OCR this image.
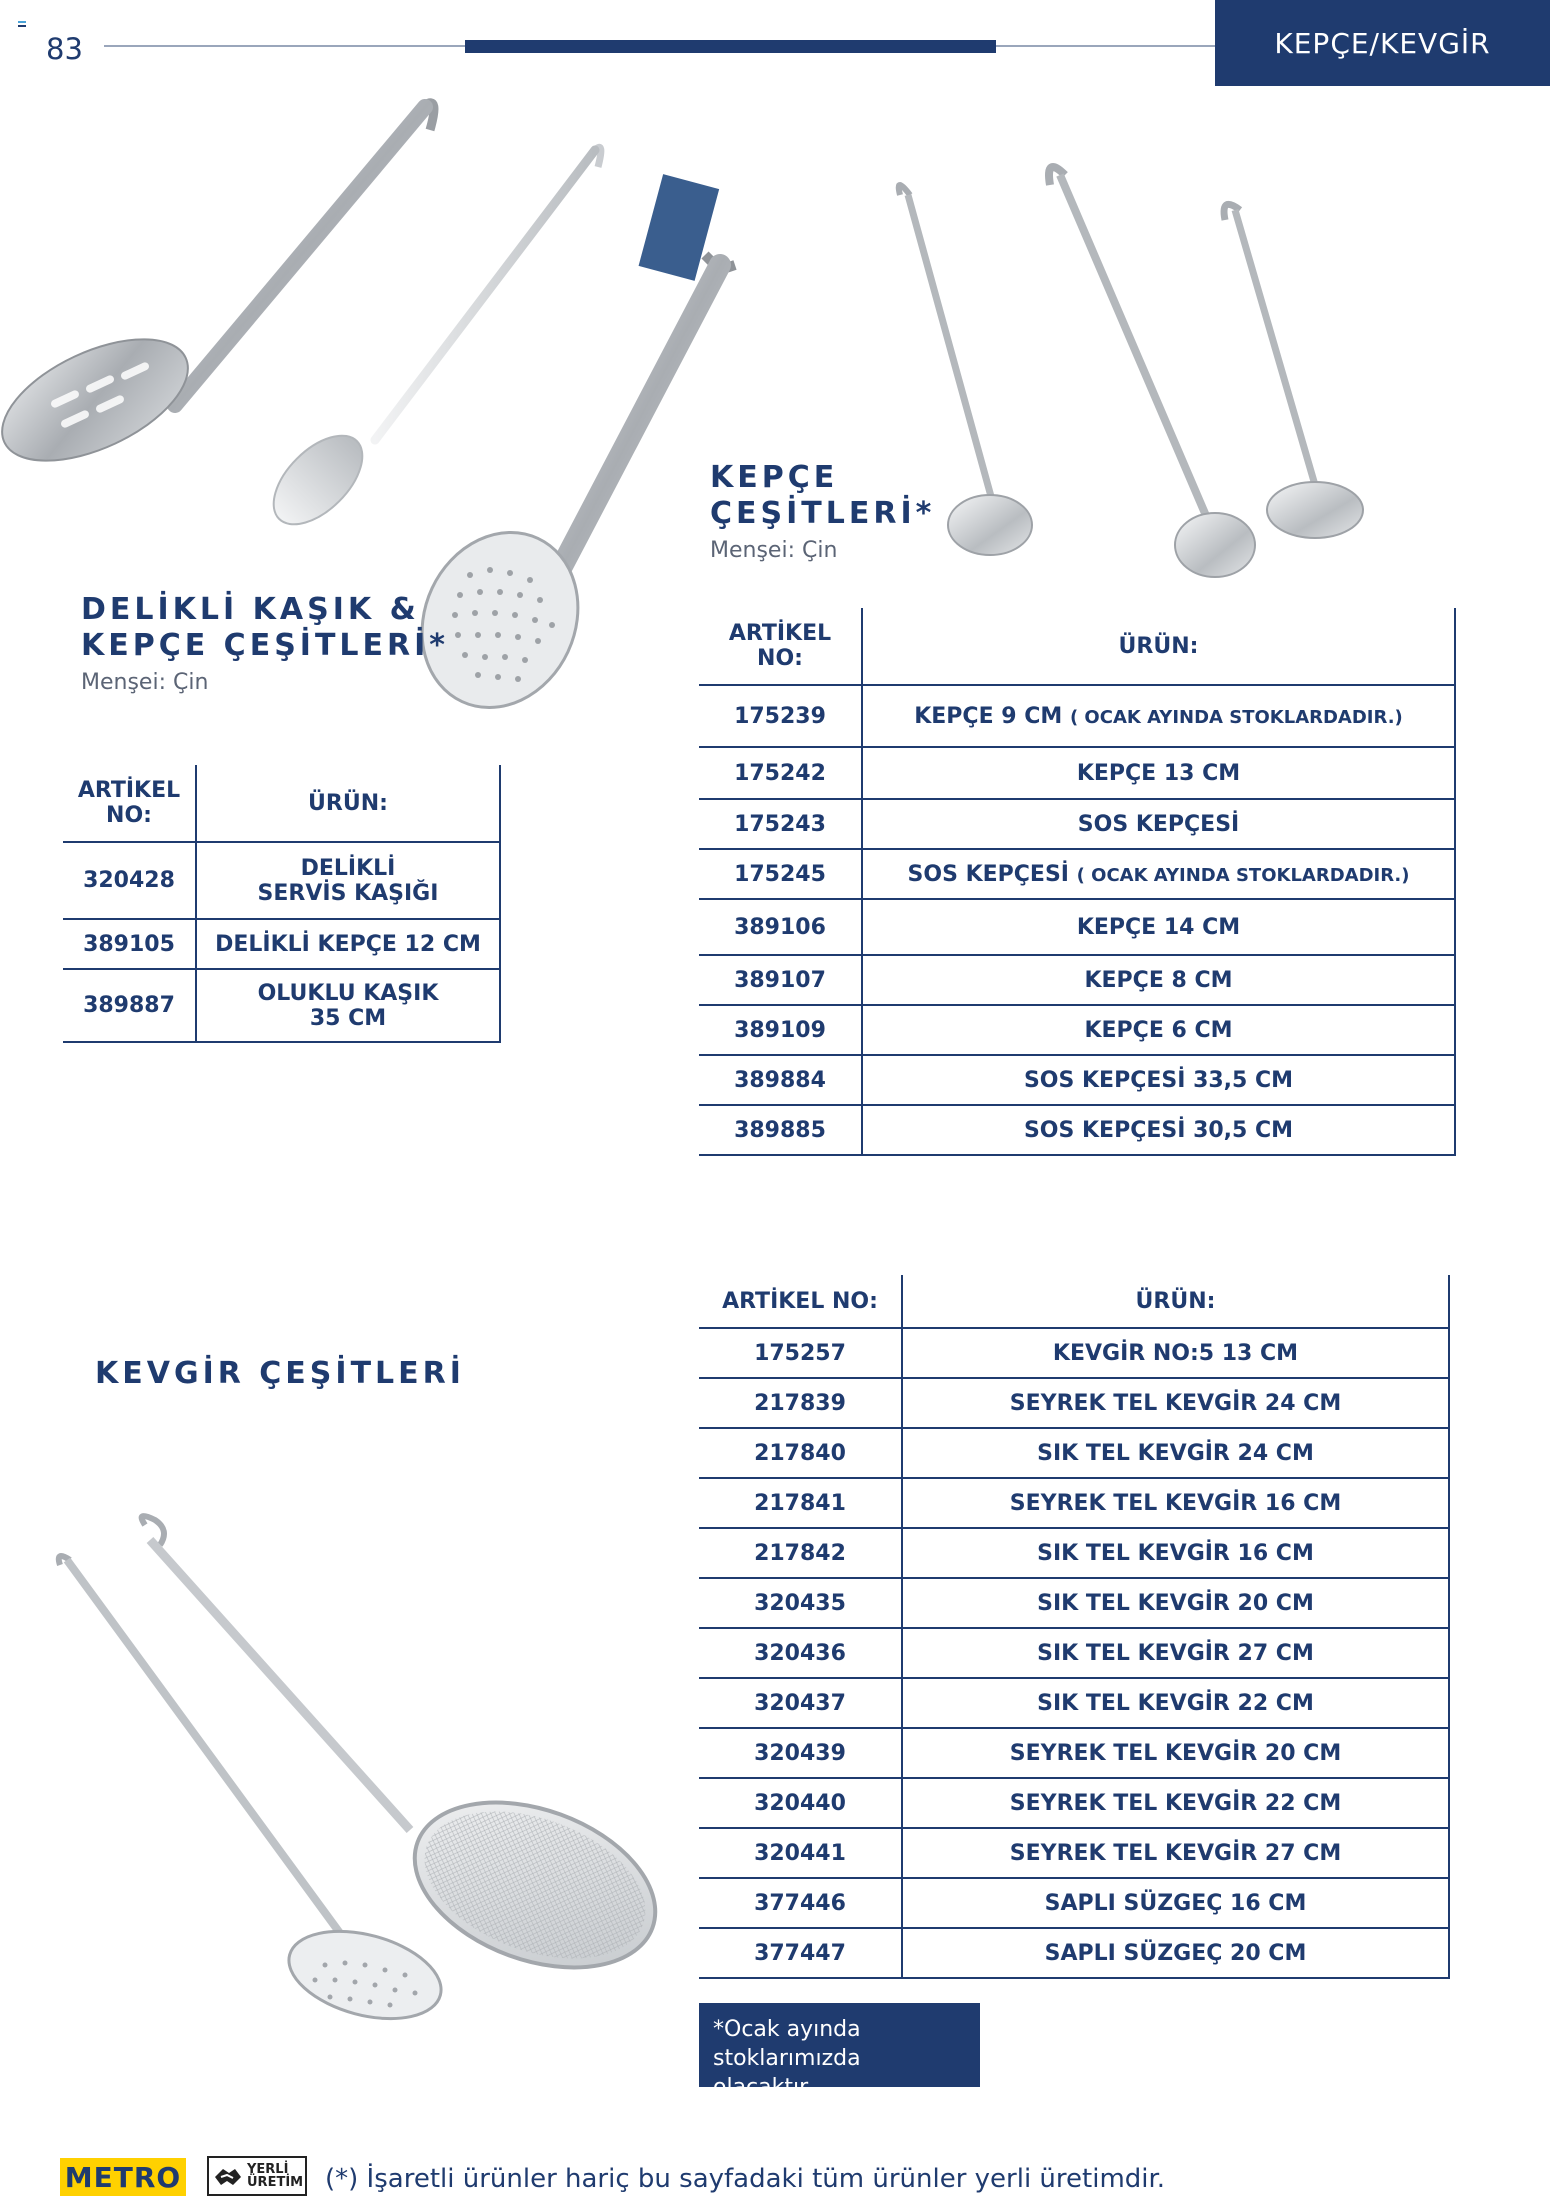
83	KEPÇE/KEVGİR
DELİKLİ KAŞIK &
KEPÇE ÇEŞİTLERİ*
Menşei: Çin
ARTİKEL
NO:	ÜRÜN:
320428	DELİKLİ
SERVİS KAŞIĞI

389105	DELİKLİ KEPÇE 12 CM
389887	OLUKLU KAŞIK
35 CM
KEPÇE
ÇEŞİTLERİ*
Menşei: Çin
ARTİKEL
NO:	ÜRÜN:
175239	KEPÇE 9 CM ( OCAK AYINDA STOKLARDADIR.)
175242	KEPÇE 13 CM
175243	SOS KEPÇESİ
175245	SOS KEPÇESİ ( OCAK AYINDA STOKLARDADIR.)
389106	KEPÇE 14 CM
389107	KEPÇE 8 CM
389109	KEPÇE 6 CM
389884	SOS KEPÇESİ 33,5 CM
389885	SOS KEPÇESİ 30,5 CM
KEVGİR ÇEŞİTLERİ
ARTİKEL NO:	ÜRÜN:
175257	KEVGİR NO:5 13 CM
217839	SEYREK TEL KEVGİR 24 CM
217840	SIK TEL KEVGİR 24 CM
217841	SEYREK TEL KEVGİR 16 CM
217842	SIK TEL KEVGİR 16 CM
320435	SIK TEL KEVGİR 20 CM
320436	SIK TEL KEVGİR 27 CM
320437	SIK TEL KEVGİR 22 CM
320439	SEYREK TEL KEVGİR 20 CM
320440	SEYREK TEL KEVGİR 22 CM
320441	SEYREK TEL KEVGİR 27 CM
377446	SAPLI SÜZGEÇ 16 CM
377447	SAPLI SÜZGEÇ 20 CM
*Ocak ayında
stoklarımızda olacaktır.
METRO	YERLİ
ÜRETİM (*) İşaretli ürünler hariç bu sayfadaki tüm ürünler yerli üretimdir.
